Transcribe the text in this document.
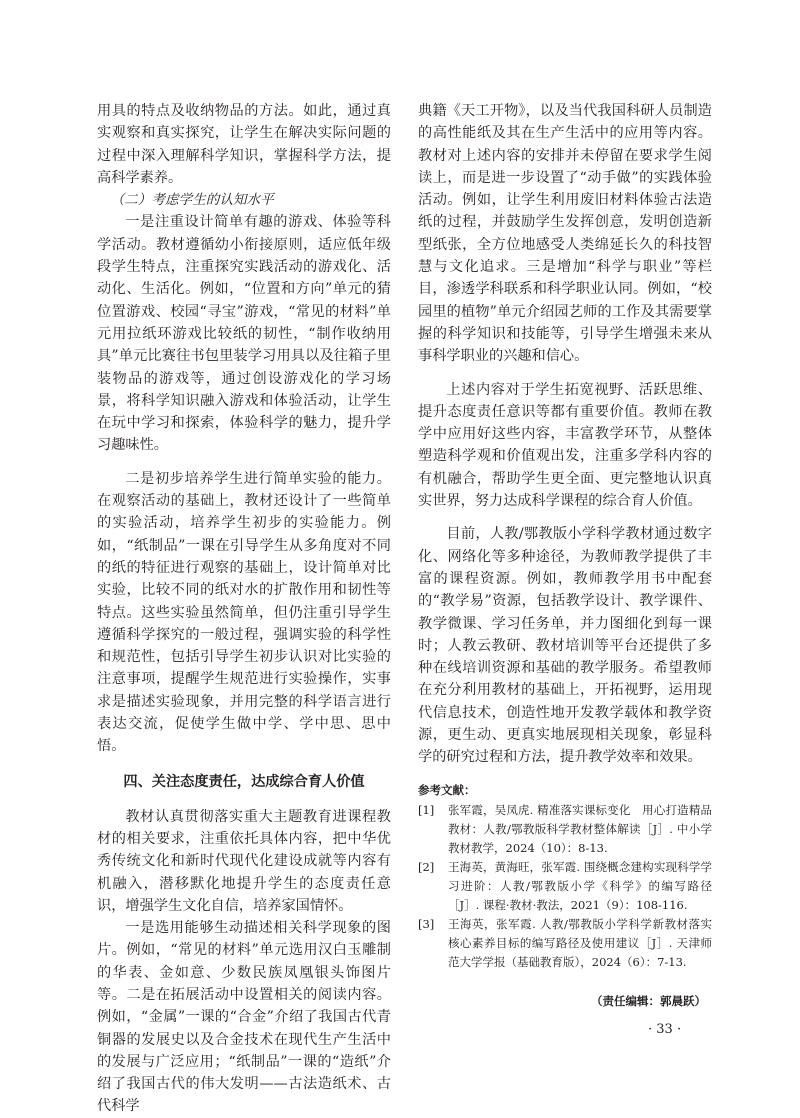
用具的特点及收纳物品的方法。如此，通过真实观察和真实探究，让学生在解决实际问题的过程中深入理解科学知识，掌握科学方法，提高科学素养。

（二）考虑学生的认知水平

一是注重设计简单有趣的游戏、体验等科学活动。教材遵循幼小衔接原则，适应低年级段学生特点，注重探究实践活动的游戏化、活动化、生活化。例如，“位置和方向”单元的猜位置游戏、校园“寻宝”游戏，“常见的材料”单元用拉纸环游戏比较纸的韧性，“制作收纳用具”单元比赛往书包里装学习用具以及往箱子里装物品的游戏等，通过创设游戏化的学习场景，将科学知识融入游戏和体验活动，让学生在玩中学习和探索，体验科学的魅力，提升学习趣味性。

二是初步培养学生进行简单实验的能力。在观察活动的基础上，教材还设计了一些简单的实验活动，培养学生初步的实验能力。例如，“纸制品”一课在引导学生从多角度对不同的纸的特征进行观察的基础上，设计简单对比实验，比较不同的纸对水的扩散作用和韧性等特点。这些实验虽然简单，但仍注重引导学生遵循科学探究的一般过程，强调实验的科学性和规范性，包括引导学生初步认识对比实验的注意事项，提醒学生规范进行实验操作，实事求是描述实验现象，并用完整的科学语言进行表达交流，促使学生做中学、学中思、思中悟。

四、关注态度责任，达成综合育人价值

教材认真贯彻落实重大主题教育进课程教材的相关要求，注重依托具体内容，把中华优秀传统文化和新时代现代化建设成就等内容有机融入，潜移默化地提升学生的态度责任意识，增强学生文化自信，培养家国情怀。

一是选用能够生动描述相关科学现象的图片。例如，“常见的材料”单元选用汉白玉雕制的华表、金如意、少数民族凤凰银头饰图片等。二是在拓展活动中设置相关的阅读内容。例如，“金属”一课的“合金”介绍了我国古代青铜器的发展史以及合金技术在现代生产生活中的发展与广泛应用；“纸制品”一课的“造纸”介绍了我国古代的伟大发明——古法造纸术、古代科学

典籍《天工开物》，以及当代我国科研人员制造的高性能纸及其在生产生活中的应用等内容。教材对上述内容的安排并未停留在要求学生阅读上，而是进一步设置了“动手做”的实践体验活动。例如，让学生利用废旧材料体验古法造纸的过程，并鼓励学生发挥创意，发明创造新型纸张，全方位地感受人类绵延长久的科技智慧与文化追求。三是增加“科学与职业”等栏目，渗透学科联系和科学职业认同。例如，“校园里的植物”单元介绍园艺师的工作及其需要掌握的科学知识和技能等，引导学生增强未来从事科学职业的兴趣和信心。

上述内容对于学生拓宽视野、活跃思维、提升态度责任意识等都有重要价值。教师在教学中应用好这些内容，丰富教学环节，从整体塑造科学观和价值观出发，注重多学科内容的有机融合，帮助学生更全面、更完整地认识真实世界，努力达成科学课程的综合育人价值。

目前，人教/鄂教版小学科学教材通过数字化、网络化等多种途径，为教师教学提供了丰富的课程资源。例如，教师教学用书中配套的“教学易”资源，包括教学设计、教学课件、教学微课、学习任务单，并力图细化到每一课时；人教云教研、教材培训等平台还提供了多种在线培训资源和基础的教学服务。希望教师在充分利用教材的基础上，开拓视野，运用现代信息技术，创造性地开发教学载体和教学资源，更生动、更真实地展现相关现象，彰显科学的研究过程和方法，提升教学效率和效果。

参考文献：

[1] 张军霞，吴凤虎. 精准落实课标变化　用心打造精品教材：人教/鄂教版科学教材整体解读［J］. 中小学教材教学，2024（10）：8-13.

[2] 王海英，黄海旺，张军霞. 围绕概念建构实现科学学习进阶：人教/鄂教版小学《科学》的编写路径［J］. 课程·教材·教法，2021（9）：108-116.

[3] 王海英，张军霞. 人教/鄂教版小学科学新教材落实核心素养目标的编写路径及使用建议［J］. 天津师范大学学报（基础教育版），2024（6）：7-13.

（责任编辑：郭晨跃）
· 33 ·
